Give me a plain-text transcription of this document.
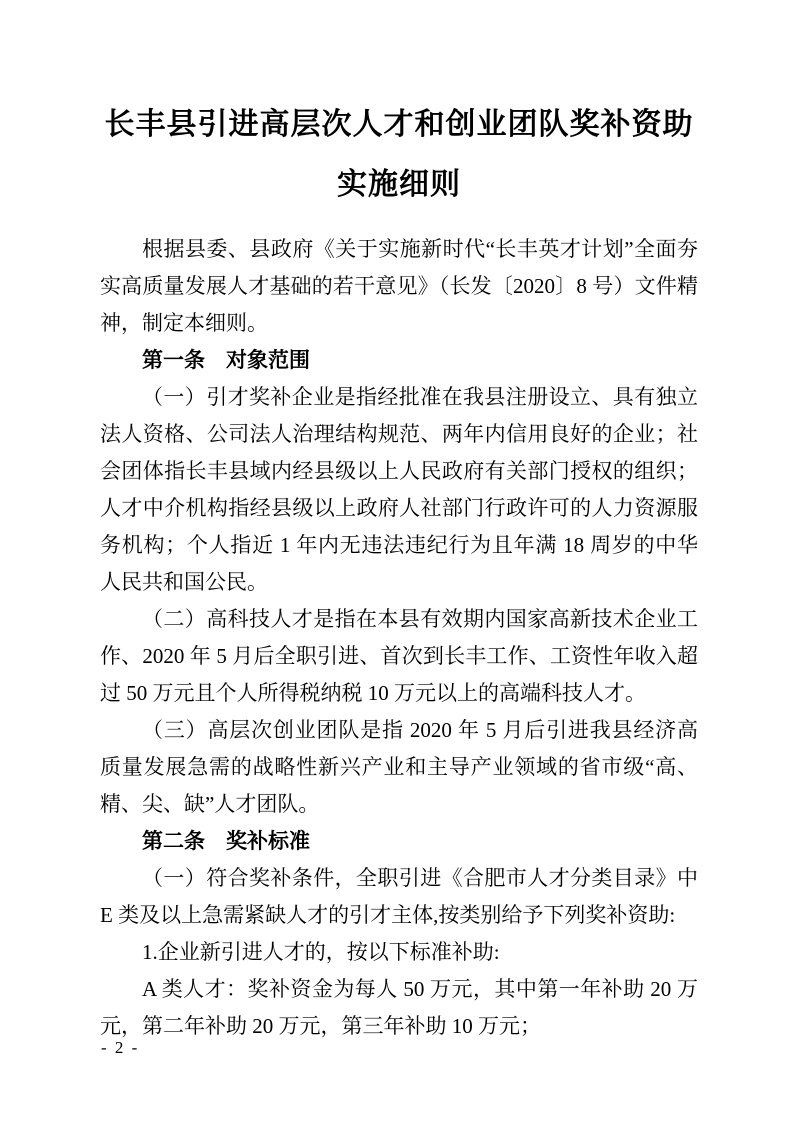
长丰县引进高层次人才和创业团队奖补资助
实施细则

根据县委、县政府《关于实施新时代“长丰英才计划”全面夯实高质量发展人才基础的若干意见》（长发〔2020〕8 号）文件精神，制定本细则。

第一条　对象范围

（一）引才奖补企业是指经批准在我县注册设立、具有独立法人资格、公司法人治理结构规范、两年内信用良好的企业；社会团体指长丰县域内经县级以上人民政府有关部门授权的组织；人才中介机构指经县级以上政府人社部门行政许可的人力资源服务机构；个人指近 1 年内无违法违纪行为且年满 18 周岁的中华人民共和国公民。

（二）高科技人才是指在本县有效期内国家高新技术企业工作、2020 年 5 月后全职引进、首次到长丰工作、工资性年收入超过 50 万元且个人所得税纳税 10 万元以上的高端科技人才。

（三）高层次创业团队是指 2020 年 5 月后引进我县经济高质量发展急需的战略性新兴产业和主导产业领域的省市级“高、精、尖、缺”人才团队。

第二条　奖补标准

（一）符合奖补条件，全职引进《合肥市人才分类目录》中 E 类及以上急需紧缺人才的引才主体,按类别给予下列奖补资助:

1.企业新引进人才的，按以下标准补助:

A 类人才：奖补资金为每人 50 万元，其中第一年补助 20 万元，第二年补助 20 万元，第三年补助 10 万元；

- 2 -
